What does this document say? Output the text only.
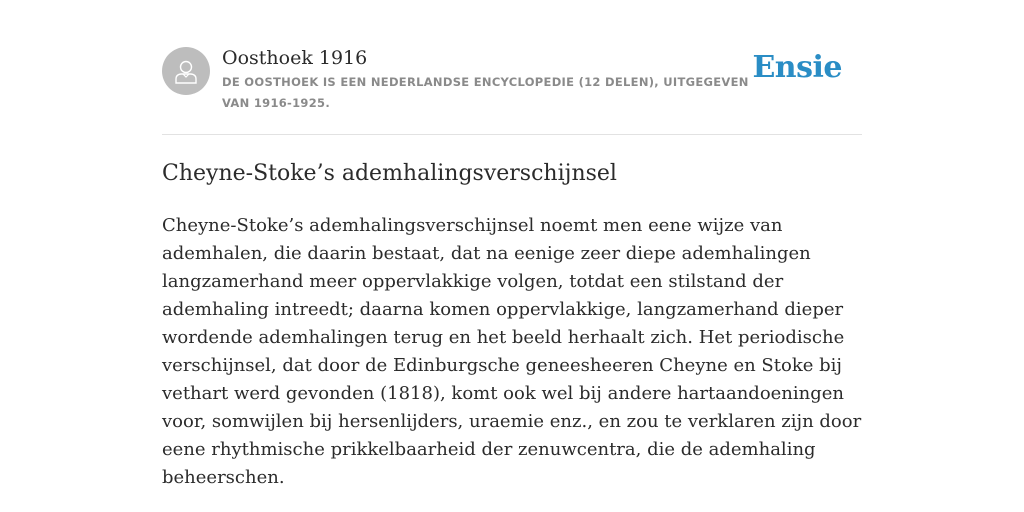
Oosthoek 1916
DE OOSTHOEK IS EEN NEDERLANDSE ENCYCLOPEDIE (12 DELEN), UITGEGEVEN VAN 1916-1925.
Ensie
Cheyne-Stoke’s ademhalingsverschijnsel

Cheyne-Stoke’s ademhalingsverschijnsel noemt men eene wijze van ademhalen, die daarin bestaat, dat na eenige zeer diepe ademhalingen langzamerhand meer oppervlakkige volgen, totdat een stilstand der ademhaling intreedt; daarna komen oppervlakkige, langzamerhand dieper wordende ademhalingen terug en het beeld herhaalt zich. Het periodische verschijnsel, dat door de Edinburgsche geneesheeren Cheyne en Stoke bij vethart werd gevonden (1818), komt ook wel bij andere hartaandoeningen voor, somwijlen bij hersenlijders, uraemie enz., en zou te verklaren zijn door eene rhythmische prikkelbaarheid der zenuwcentra, die de ademhaling beheerschen.
